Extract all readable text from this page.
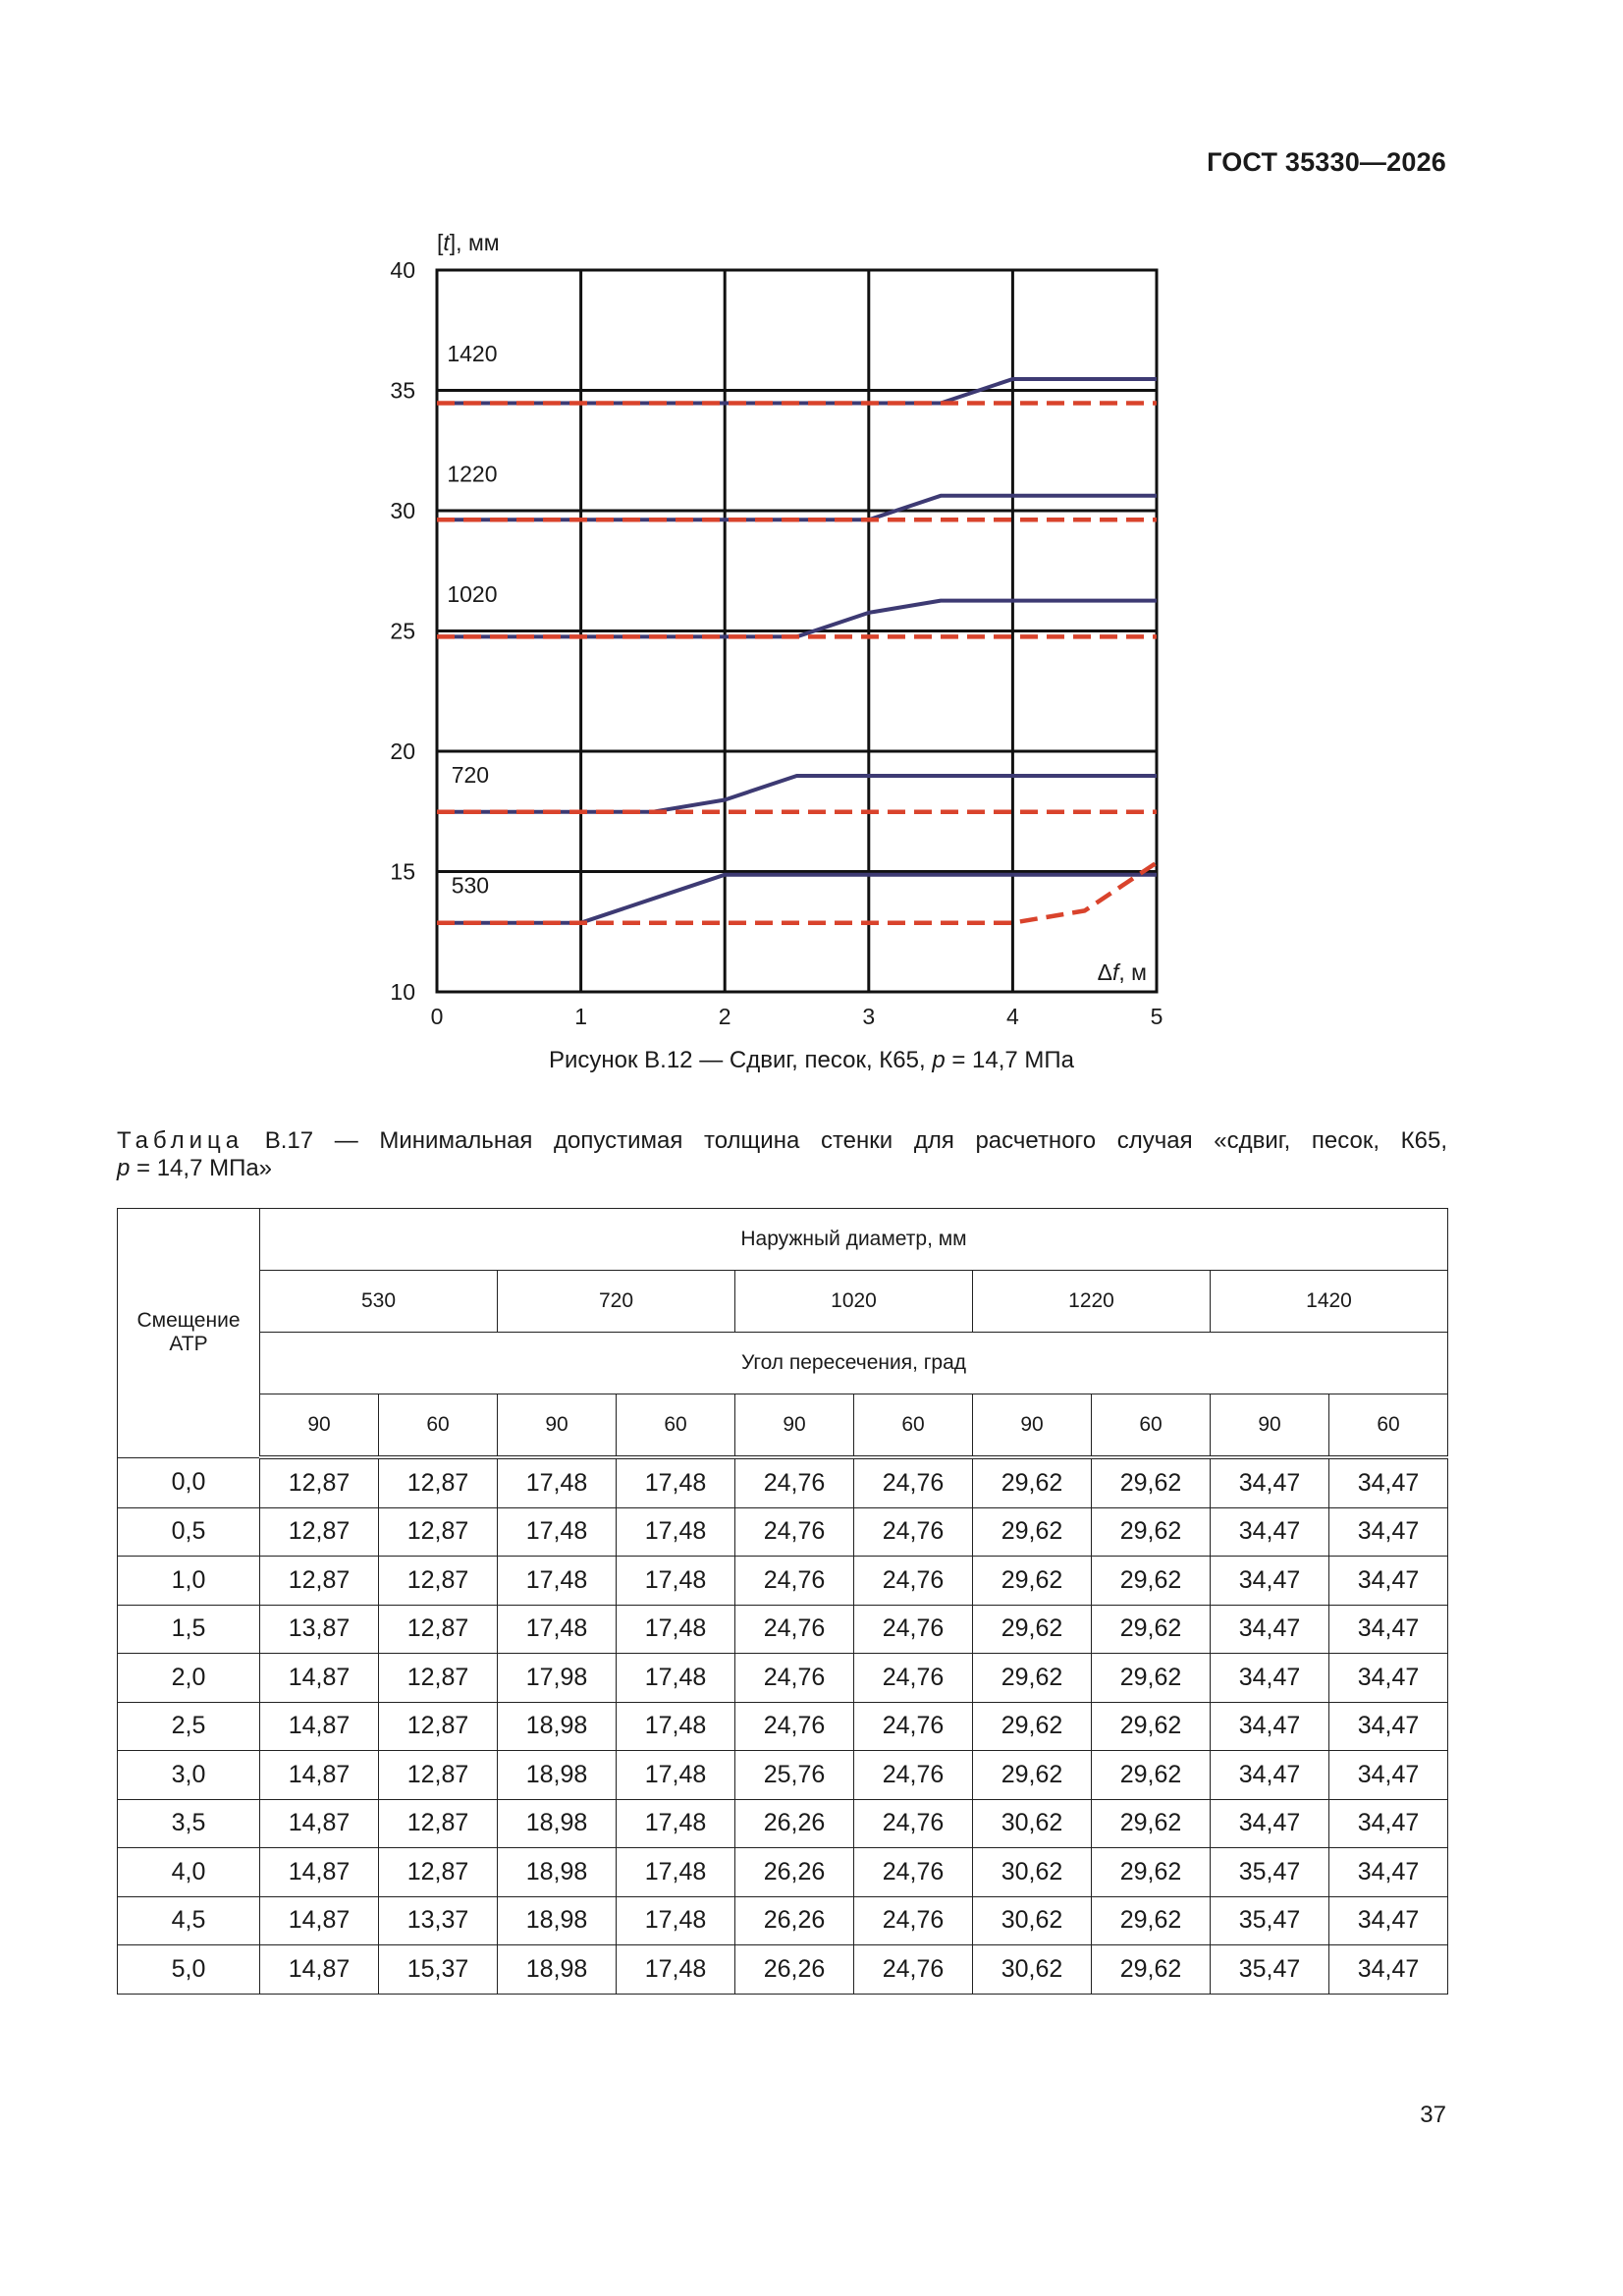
ГОСТ 35330—2026
0	1	2	3	4	5
10
15
20
25
30
35
40
1420
1220
1020
720
530
[t], мм
Δf, м
Рисунок В.12 — Сдвиг, песок, К65, p = 14,7 МПа
Таблица В.17 — Минимальная допустимая толщина стенки для расчетного случая «сдвиг, песок, К65,
p = 14,7 МПа»
Смещение АТР	Наружный диаметр, мм									
	530		720		1020		1220		1420	
	Угол пересечения, град									
	90	60	90	60	90	60	90	60	90	60
0,0	12,87	12,87	17,48	17,48	24,76	24,76	29,62	29,62	34,47	34,47
0,5	12,87	12,87	17,48	17,48	24,76	24,76	29,62	29,62	34,47	34,47
1,0	12,87	12,87	17,48	17,48	24,76	24,76	29,62	29,62	34,47	34,47
1,5	13,87	12,87	17,48	17,48	24,76	24,76	29,62	29,62	34,47	34,47
2,0	14,87	12,87	17,98	17,48	24,76	24,76	29,62	29,62	34,47	34,47
2,5	14,87	12,87	18,98	17,48	24,76	24,76	29,62	29,62	34,47	34,47
3,0	14,87	12,87	18,98	17,48	25,76	24,76	29,62	29,62	34,47	34,47
3,5	14,87	12,87	18,98	17,48	26,26	24,76	30,62	29,62	34,47	34,47
4,0	14,87	12,87	18,98	17,48	26,26	24,76	30,62	29,62	35,47	34,47
4,5	14,87	13,37	18,98	17,48	26,26	24,76	30,62	29,62	35,47	34,47
5,0	14,87	15,37	18,98	17,48	26,26	24,76	30,62	29,62	35,47	34,47
37
